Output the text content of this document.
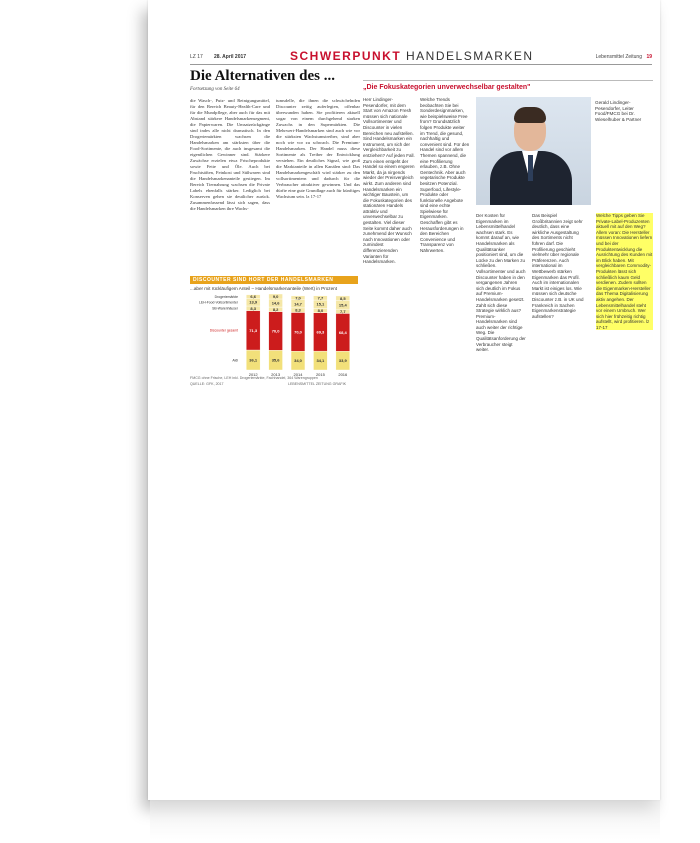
LZ 17 28. April 2017	SCHWERPUNKT HANDELSMARKEN	Lebensmittel Zeitung 19
Die Alternativen des ...
Fortsetzung von Seite 64
die Wasch-, Putz- und Reinigungsmittel, für den Bereich Beauty-Health-Care und für die Mundpflege, aber auch für das mit Abstand stärkere Handelsmarkensegment, die Papierwaren. Die Umsatzrückgänge sind indes alle nicht dramatisch. In den Drogeriemärkten wachsen die Handelsmarken am stärksten über die Food-Sortimente, die auch insgesamt die eigentlichen Gewinner sind. Stärkere Zuwächse erzielen etwa Frischeprodukte sowie Fette und Öle. Auch bei Fruchtsäften, Feinkost und Süßwaren sind die Handelsmarkenanteile gestiegen. Im Bereich Tiernahrung wachsen die Private Labels ebenfalls stärker. Lediglich bei Konserven gehen sie deutlicher zurück. Zusammenfassend lässt sich sagen, dass die Handelsmarken ihre Wachs-
tumsdelle, die ihnen die schwächelnden Discounter zeitig auferlegten, offenbar überwunden haben. Sie profitieren aktuell sogar von einem durchgehend starken Zuwachs in den Supermärkten. Die Mehrwert-Handelsmarken sind auch wie vor die stärksten Wachstumstreiber, sind aber noch wie vor zu schwach. Die Premium-Handelsmarken. Der Handel muss diese Sortimente als Treiber der Entwicklung verstehen. Ein deutliches Signal, wie groß die Marktanteile in allen Kanälen sind: Das Handelsmarkengeschäft wird stärker zu den vollsortimentern und dadurch für die Verbraucher attraktiver gewinnen. Und das dürfte eine gute Grundlage auch für künftiges Wachstum sein. lz 17-17
„Die Fokuskategorien unverwechselbar gestalten"
Herr Lindinger-Pesendorfer, mit dem Start von Amazon Fresh müssen sich nationale Vollsortimenter und Discounter in vielen Bereichen neu aufstellen. Sind Handelsmarken ein Instrument, um sich der Vergleichbarkeit zu entziehen? Auf jeden Fall. Zum einen entgeht der Handel so einem engeren Markt, da ja nirgends wieder der Preisvergleich wirkt. Zum anderen sind Handelsmarken ein wichtiger Baustein, um die Fokuskategorien des stationären Handels attraktiv und unverwechselbar zu gestalten. Viel dieser Seite kommt daher auch zunehmend der Wunsch nach Innovationen oder zumindest differenzierenden Varianten für Handelsmarken.
Welche Trends beobachten Sie bei Sonderdesignmarken, wie beispielsweise Free from? Grundsätzlich folgen Produkte weiter im Trend, die gesund, nachhaltig und convenient sind. Für den Handel sind vor allem Themen spannend, die eine Profilierung erlauben, z.B. Ohne Gentechnik. Aber auch vegetarische Produkte besitzen Potenzial. Superfood, Lifestyle-Produkte oder funktionelle Angebote sind eine echte Spielwiese für Eigenmarken. Geschaffen gibt es Herausforderungen in den Bereichen Convenience und Transparenz von Nährwerten.
Gerald Lindinger-Pesendorfer, Leiter Food/FMCG bei Dr. Wieselhuber & Partner
Der Kosten für Eigenmarken im Lebensmittelhandel wachsen stark. Es kommt darauf an, wie Handelsmarken als Qualitätsanker positioniert sind, um die Lücke zu den Marken zu schließen. Vollsortimenter und auch Discounter haben in den vergangenen Jahren sich deutlich im Fokus auf Premium-Handelsmarken gesetzt. Zahlt sich diese Strategie wirklich aus? Premium-Handelsmarken sind auch weiter der richtige Weg. Die Qualitätsanforderung der Verbraucher steigt weiter.
Das Beispiel Großbritannien zeigt sehr deutlich, dass eine wirkliche Ausgestaltung des Sortiments nicht führen darf. Die Profilierung geschieht vielmehr über regionale Präferenzen. Auch international im Wettbewerb stärken Eigenmarken das Profil. Auch im internationalen Markt ist einiges los. Wie müssen sich deutsche Discounter z.B. in UK und Frankreich in Sachen Eigenmarkenstrategie aufstellen?
Welche Tipps geben Sie Private-Label-Produzenten aktuell mit auf den Weg? Allem voran: Die Hersteller müssen Innovationen liefern und bei der Produktentwicklung die Ausrichtung des Kunden mit im Blick haben. Mit vergleichbaren Commodity-Produkten lässt sich schließlich kaum Geld verdienen. Zudem sollten die Eigenmarken-Hersteller das Thema Digitalisierung aktiv angehen. Der Lebensmittelhandel steht vor einem Umbruch. Wer sich hier frühzeitig richtig aufstellt, wird profitieren. lz 17-17
DISCOUNTER SIND HORT DER HANDELSMARKEN
...aber mit rückläufigem Anteil – Handelsmarkenanteile (Wert) in Prozent
36,1
Aldi
71,3
Discounter gesamt
8,3
SB-Warenhäuser
13,9
LEH-Food-Vollsortimenter
6,6
Drogeriemärkte
2012
35,6
70,0
8,2
14,6
9,0
2013
34,0
70,0
8,3
14,7
7,0
2014
34,1
69,3
8,0
15,1
7,7
2015
33,9
68,4
7,7
15,4
8,5
2016
FMCG ohne Frische, LEH inkl. Drogeriemärkte, Fachhandel, 364 Warengruppen
QUELLE: GFK, 2017	LEBENSMITTEL ZEITUNG GRAFIK
